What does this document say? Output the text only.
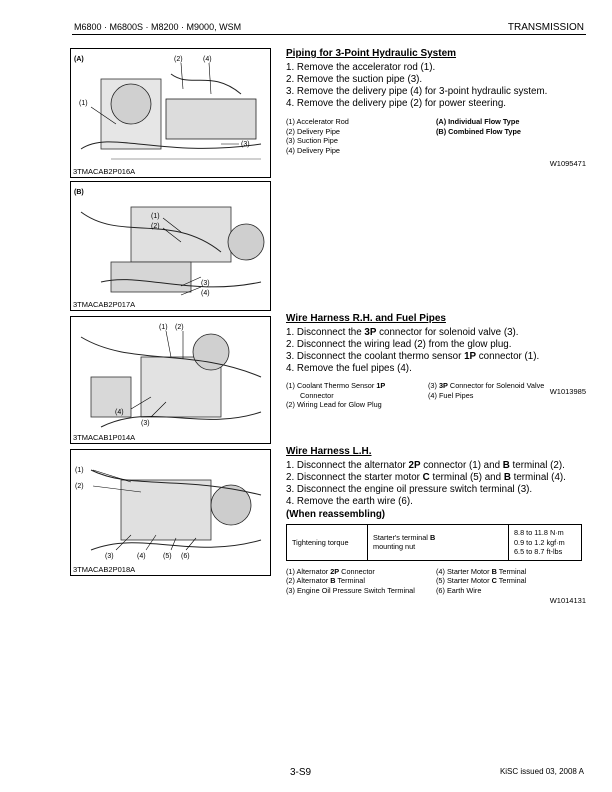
M6800 · M6800S · M8200 · M9000, WSM	TRANSMISSION
(A)
(1)
(2)	(4)
(3)
3TMACAB2P016A
(B)
(1)
(2)
(3)
(4)
3TMACAB2P017A
(1) (2)
(3)
(4)
3TMACAB1P014A
(1)
(2)
(3)	(4) (5) (6)
3TMACAB2P018A
Piping for 3-Point Hydraulic System
1. Remove the accelerator rod (1).
2. Remove the suction pipe (3).
3. Remove the delivery pipe (4) for 3-point hydraulic system.
4. Remove the delivery pipe (2) for power steering.
(1) Accelerator Rod
(2) Delivery Pipe
(3) Suction Pipe
(4) Delivery Pipe
(A) Individual Flow Type
(B) Combined Flow Type
W1095471
Wire Harness R.H. and Fuel Pipes
1. Disconnect the 3P connector for solenoid valve (3).
2. Disconnect the wiring lead (2) from the glow plug.
3. Disconnect the coolant thermo sensor 1P connector (1).
4. Remove the fuel pipes (4).
(1) Coolant Thermo Sensor 1P
Connector
(2) Wiring Lead for Glow Plug
(3) 3P Connector for Solenoid Valve
(4) Fuel Pipes	W1013985
Wire Harness L.H.
1. Disconnect the alternator 2P connector (1) and B terminal (2).
2. Disconnect the starter motor C terminal (5) and B terminal (4).
3. Disconnect the engine oil pressure switch terminal (3).
4. Remove the earth wire (6).
(When reassembling)
Tightening torque	Starter's terminal B
mounting nut	
8.8 to 11.8 N·m
0.9 to 1.2 kgf·m
6.5 to 8.7 ft-lbs
(1) Alternator 2P Connector
(2) Alternator B Terminal
(3) Engine Oil Pressure Switch Terminal
(4) Starter Motor B Terminal
(5) Starter Motor C Terminal
(6) Earth Wire
W1014131
3-S9	KiSC issued 03, 2008 A
